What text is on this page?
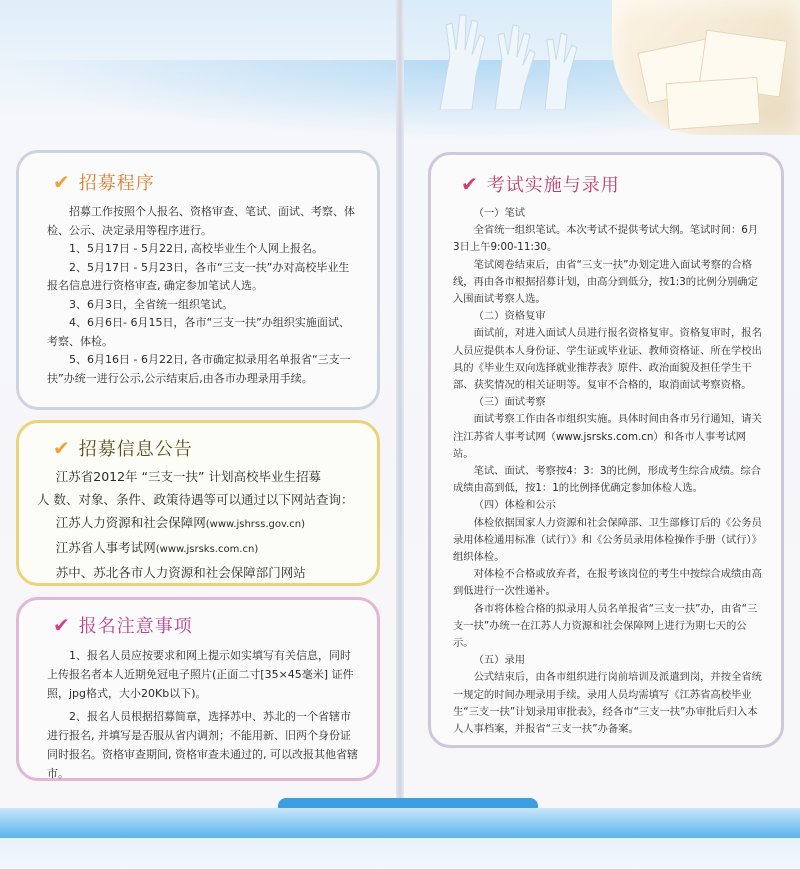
✔ 招募程序

招募工作按照个人报名、资格审查、笔试、面试、考察、体检、公示、决定录用等程序进行。

1、5月17日 - 5月22日, 高校毕业生个人网上报名。

2、5月17日 - 5月23日，各市“三支一扶”办对高校毕业生报名信息进行资格审查, 确定参加笔试人选。

3、6月3日，全省统一组织笔试。

4、6月6日- 6月15日，各市“三支一扶”办组织实施面试、考察、体检。

5、6月16日 - 6月22日, 各市确定拟录用名单报省“三支一扶”办统一进行公示,公示结束后,由各市办理录用手续。

✔ 招募信息公告

江苏省2012年 “三支一扶” 计划高校毕业生招募

人 数、对象、条件、政策待遇等可以通过以下网站查询：

江苏人力资源和社会保障网(www.jshrss.gov.cn)

江苏省人事考试网(www.jsrsks.com.cn)

苏中、苏北各市人力资源和社会保障部门网站

✔ 报名注意事项

1、报名人员应按要求和网上提示如实填写有关信息，同时上传报名者本人近期免冠电子照片(正面二寸[35×45毫米] 证件照，jpg格式，大小20Kb以下)。

2、报名人员根据招募简章，选择苏中、苏北的一个省辖市进行报名, 并填写是否服从省内调剂；不能用新、旧两个身份证同时报名。资格审查期间, 资格审查未通过的, 可以改报其他省辖市。

✔ 考试实施与录用

（一）笔试

全省统一组织笔试。本次考试不提供考试大纲。笔试时间：6月3日上午9:00-11:30。

笔试阅卷结束后，由省“三支一扶”办划定进入面试考察的合格线，再由各市根据招募计划，由高分到低分，按1:3的比例分别确定入围面试考察人选。

（二）资格复审

面试前，对进入面试人员进行报名资格复审。资格复审时，报名人员应提供本人身份证、学生证或毕业证、教师资格证、所在学校出具的《毕业生双向选择就业推荐表》原件、政治面貌及担任学生干部、获奖情况的相关证明等。复审不合格的，取消面试考察资格。

（三）面试考察

面试考察工作由各市组织实施。具体时间由各市另行通知，请关注江苏省人事考试网（www.jsrsks.com.cn）和各市人事考试网站。

笔试、面试、考察按4：3：3的比例，形成考生综合成绩。综合成绩由高到低，按1：1的比例择优确定参加体检人选。

（四）体检和公示

体检依据国家人力资源和社会保障部、卫生部修订后的《公务员录用体检通用标准（试行）》和《公务员录用体检操作手册（试行）》组织体检。

对体检不合格或放弃者，在报考该岗位的考生中按综合成绩由高到低进行一次性递补。

各市将体检合格的拟录用人员名单报省“三支一扶”办，由省“三支一扶”办统一在江苏人力资源和社会保障网上进行为期七天的公示。

（五）录用

公式结束后，由各市组织进行岗前培训及派遣到岗，并按全省统一规定的时间办理录用手续。录用人员均需填写《江苏省高校毕业生“三支一扶”计划录用审批表》，经各市“三支一扶”办审批后归入本人人事档案，并报省“三支一扶”办备案。
